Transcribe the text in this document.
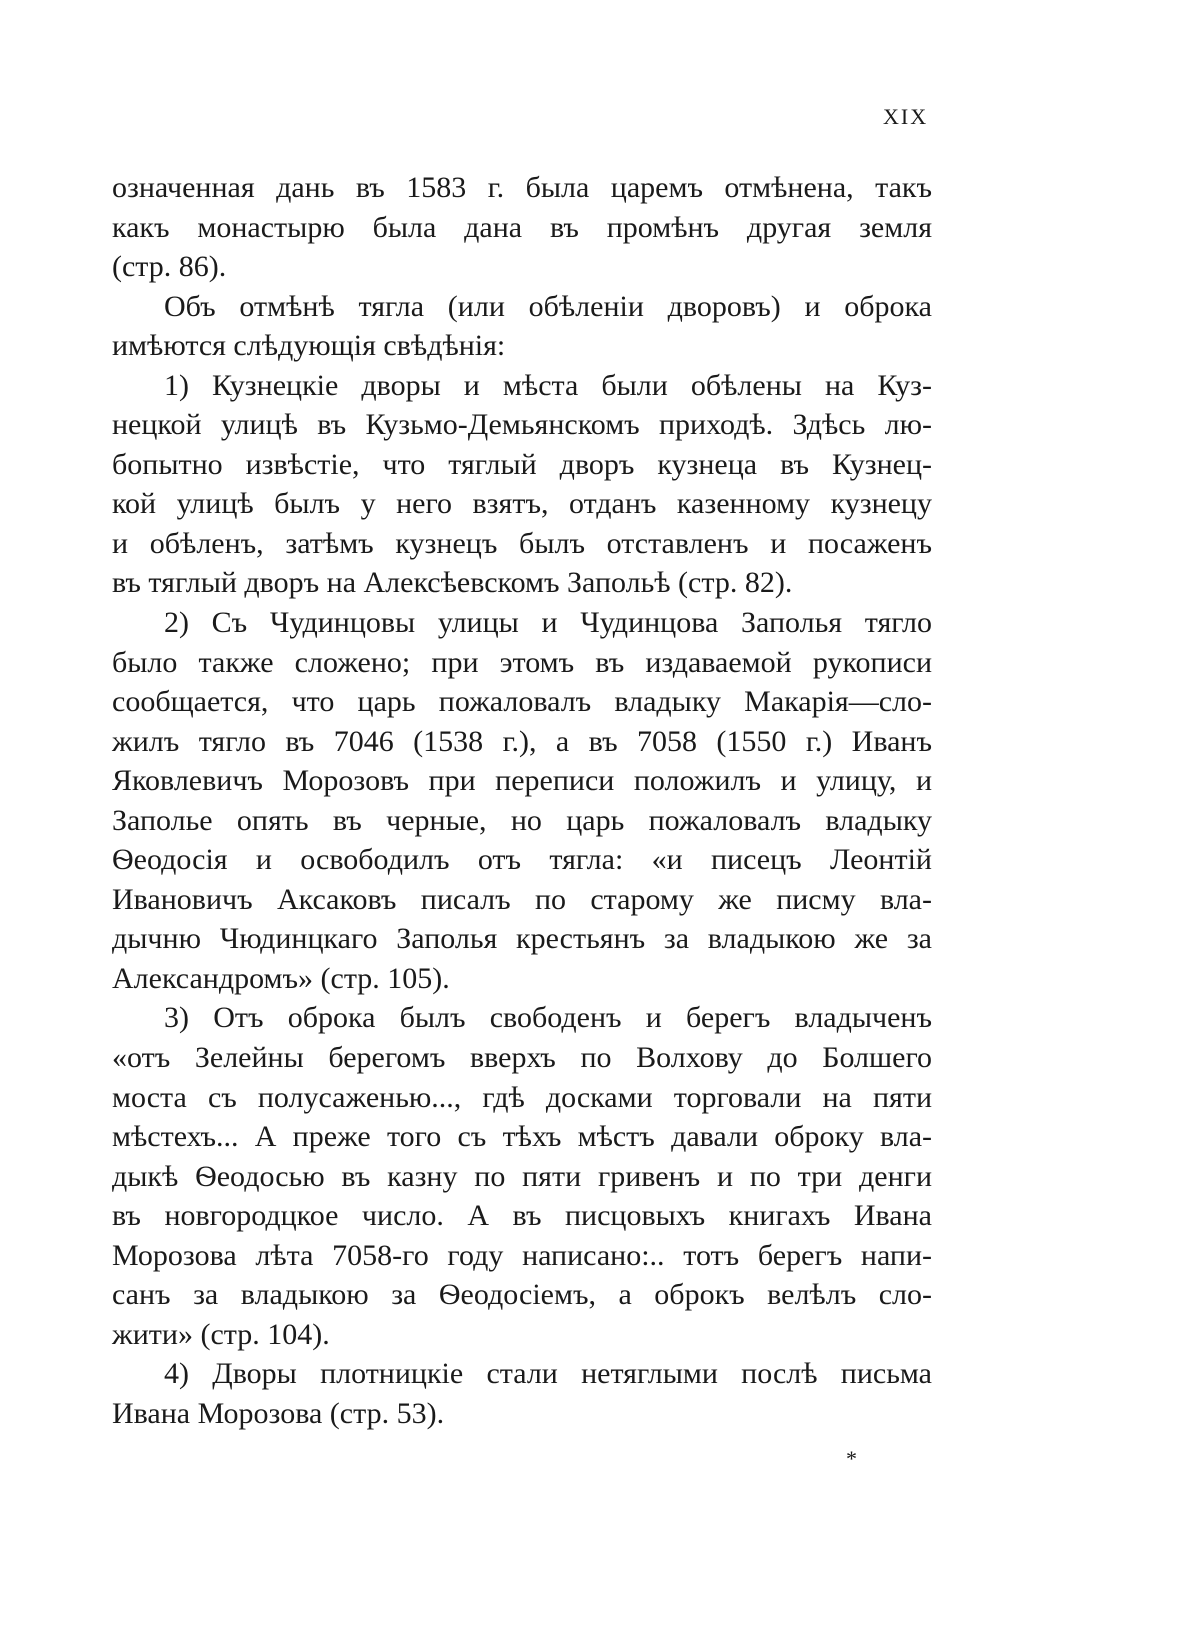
XIX
означенная дань въ 1583 г. была царемъ отмѣнена, такъ
какъ монастырю была дана въ промѣнъ другая земля
(стр. 86).
Объ отмѣнѣ тягла (или обѣленіи дворовъ) и оброка
имѣются слѣдующія свѣдѣнія:
1) Кузнецкіе дворы и мѣста были обѣлены на Куз-
нецкой улицѣ въ Кузьмо-Демьянскомъ приходѣ. Здѣсь лю-
бопытно извѣстіе, что тяглый дворъ кузнеца въ Кузнец-
кой улицѣ былъ у него взятъ, отданъ казенному кузнецу
и обѣленъ, затѣмъ кузнецъ былъ отставленъ и посаженъ
въ тяглый дворъ на Алексѣевскомъ Запольѣ (стр. 82).
2) Съ Чудинцовы улицы и Чудинцова Заполья тягло
было также сложено; при этомъ въ издаваемой рукописи
сообщается, что царь пожаловалъ владыку Макарія—сло-
жилъ тягло въ 7046 (1538 г.), а въ 7058 (1550 г.) Иванъ
Яковлевичъ Морозовъ при переписи положилъ и улицу, и
Заполье опять въ черные, но царь пожаловалъ владыку
Ѳеодосія и освободилъ отъ тягла: «и писецъ Леонтій
Ивановичъ Аксаковъ писалъ по старому же писму вла-
дычню Чюдинцкаго Заполья крестьянъ за владыкою же за
Александромъ» (стр. 105).
3) Отъ оброка былъ свободенъ и берегъ владыченъ
«отъ Зелейны берегомъ вверхъ по Волхову до Болшего
моста съ полусаженью..., гдѣ досками торговали на пяти
мѣстехъ... А преже того съ тѣхъ мѣстъ давали оброку вла-
дыкѣ Ѳеодосью въ казну по пяти гривенъ и по три денги
въ новгородцкое число. А въ писцовыхъ книгахъ Ивана
Морозова лѣта 7058-го году написано:.. тотъ берегъ напи-
санъ за владыкою за Ѳеодосіемъ, а оброкъ велѣлъ сло-
жити» (стр. 104).
4) Дворы плотницкіе стали нетяглыми послѣ письма
Ивана Морозова (стр. 53).
*
